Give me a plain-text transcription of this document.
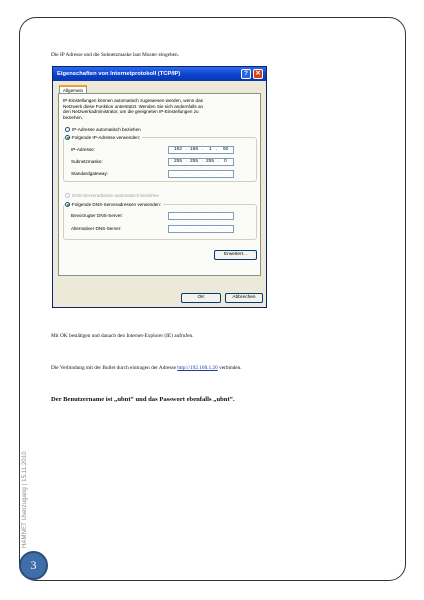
Die IP Adresse und die Subnetzmaske laut Muster eingeben.
Eigenschaften von Internetprotokoll (TCP/IP)	?	✕
Allgemein
IP-Einstellungen können automatisch zugewiesen werden, wenn das
Netzwerk diese Funktion unterstützt. Wenden Sie sich andernfalls an
den Netzwerkadministrator, um die geeigneten IP-Einstellungen zu
beziehen.
IP-Adresse automatisch beziehen
Folgende IP-Adresse verwenden:
IP-Adresse:	192 . 168 . 1 . 50
Subnetzmaske:	255 . 255 . 255 . 0
Standardgateway:	.	.	.
DNS-Serveradresse automatisch beziehen
Folgende DNS-Serveradressen verwenden:
Bevorzugter DNS-Server:	.	.	.
Alternativer DNS-Server:	.	.	.
Erweitert...
OK	Abbrechen
Mit OK bestätigen und danach den Internet-Explorer (IE) aufrufen.
Die Verbindung mit der Bullet durch eintragen der Adresse http://192.168.1.20 verbinden.
Der Benutzername ist „ubnt“ und das Passwort ebenfalls „ubnt“.
HAMNET Userzugang | 15.11.2010
3
